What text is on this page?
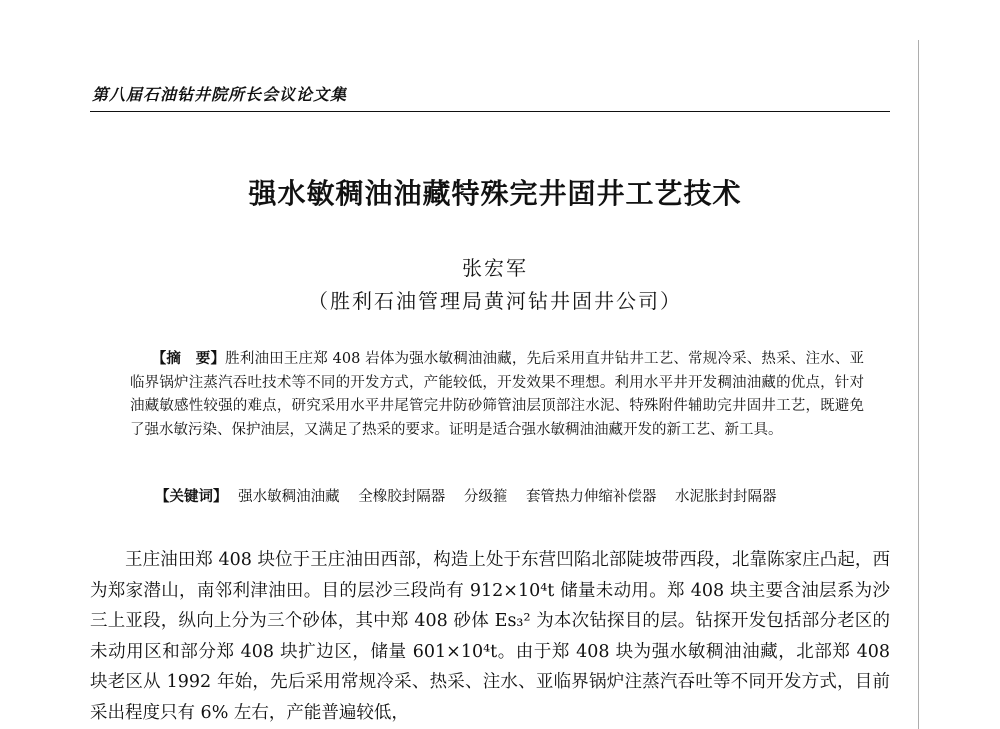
第八届石油钻井院所长会议论文集
强水敏稠油油藏特殊完井固井工艺技术
张宏军
（胜利石油管理局黄河钻井固井公司）
【摘　要】胜利油田王庄郑 408 岩体为强水敏稠油油藏，先后采用直井钻井工艺、常规冷采、热采、注水、亚临界锅炉注蒸汽吞吐技术等不同的开发方式，产能较低，开发效果不理想。利用水平井开发稠油油藏的优点，针对油藏敏感性较强的难点，研究采用水平井尾管完井防砂筛管油层顶部注水泥、特殊附件辅助完井固井工艺，既避免了强水敏污染、保护油层，又满足了热采的要求。证明是适合强水敏稠油油藏开发的新工艺、新工具。
【关键词】 强水敏稠油油藏 全橡胶封隔器 分级箍 套管热力伸缩补偿器 水泥胀封封隔器
王庄油田郑 408 块位于王庄油田西部，构造上处于东营凹陷北部陡坡带西段，北靠陈家庄凸起，西为郑家潜山，南邻利津油田。目的层沙三段尚有 912×10⁴t 储量未动用。郑 408 块主要含油层系为沙三上亚段，纵向上分为三个砂体，其中郑 408 砂体 Es₃² 为本次钻探目的层。钻探开发包括部分老区的未动用区和部分郑 408 块扩边区，储量 601×10⁴t。由于郑 408 块为强水敏稠油油藏，北部郑 408 块老区从 1992 年始，先后采用常规冷采、热采、注水、亚临界锅炉注蒸汽吞吐等不同开发方式，目前采出程度只有 6% 左右，产能普遍较低，
